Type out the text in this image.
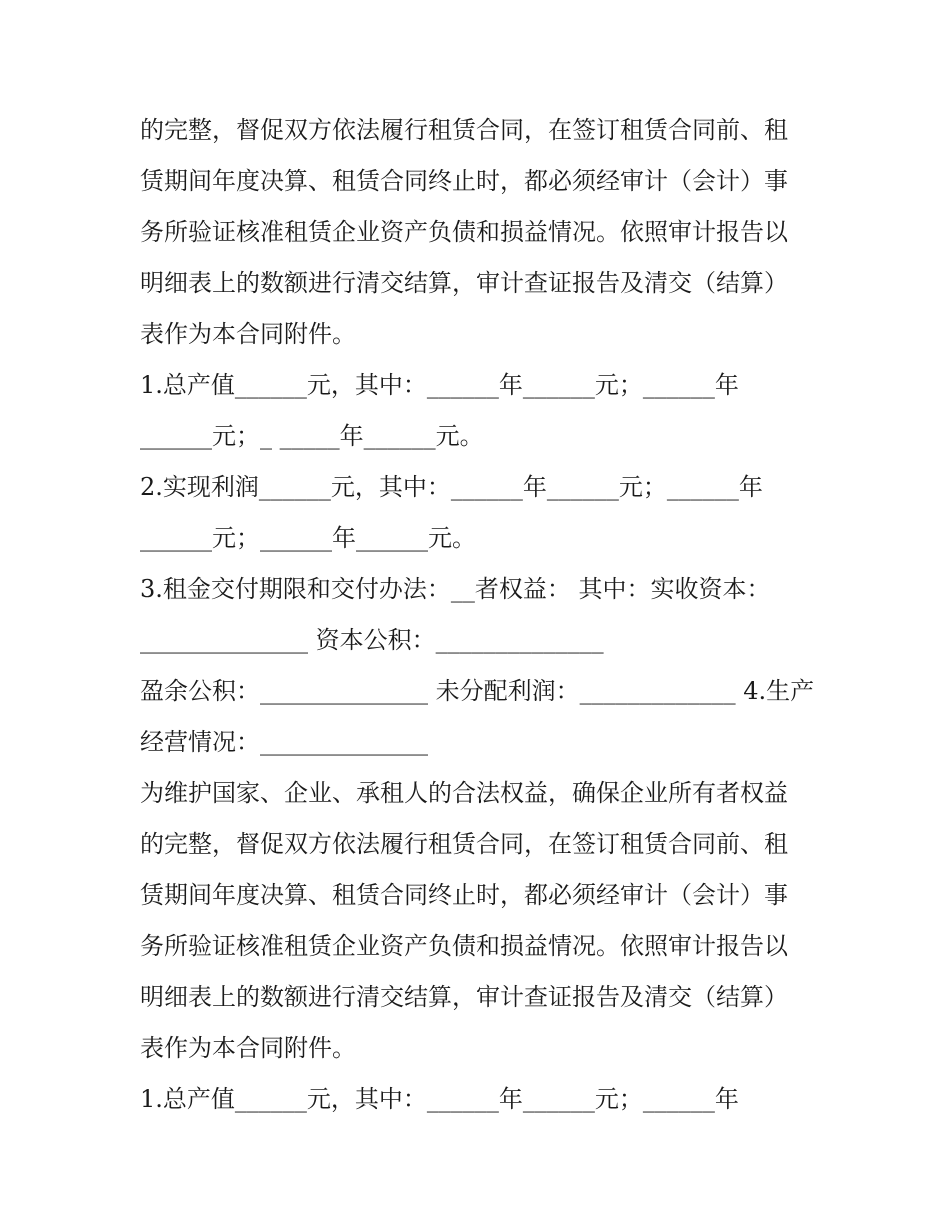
的完整，督促双方依法履行租赁合同，在签订租赁合同前、租
赁期间年度决算、租赁合同终止时，都必须经审计（会计）事
务所验证核准租赁企业资产负债和损益情况。依照审计报告以
明细表上的数额进行清交结算，审计查证报告及清交（结算）
表作为本合同附件。
1.总产值______元，其中：______年______元；______年
______元；_ _____年______元。
2.实现利润______元，其中：______年______元；______年
______元；______年______元。
3.租金交付期限和交付办法：__者权益： 其中：实收资本：
______________ 资本公积：______________
盈余公积：______________ 未分配利润：_____________ 4.生产
经营情况：______________
为维护国家、企业、承租人的合法权益，确保企业所有者权益
的完整，督促双方依法履行租赁合同，在签订租赁合同前、租
赁期间年度决算、租赁合同终止时，都必须经审计（会计）事
务所验证核准租赁企业资产负债和损益情况。依照审计报告以
明细表上的数额进行清交结算，审计查证报告及清交（结算）
表作为本合同附件。
1.总产值______元，其中：______年______元；______年
